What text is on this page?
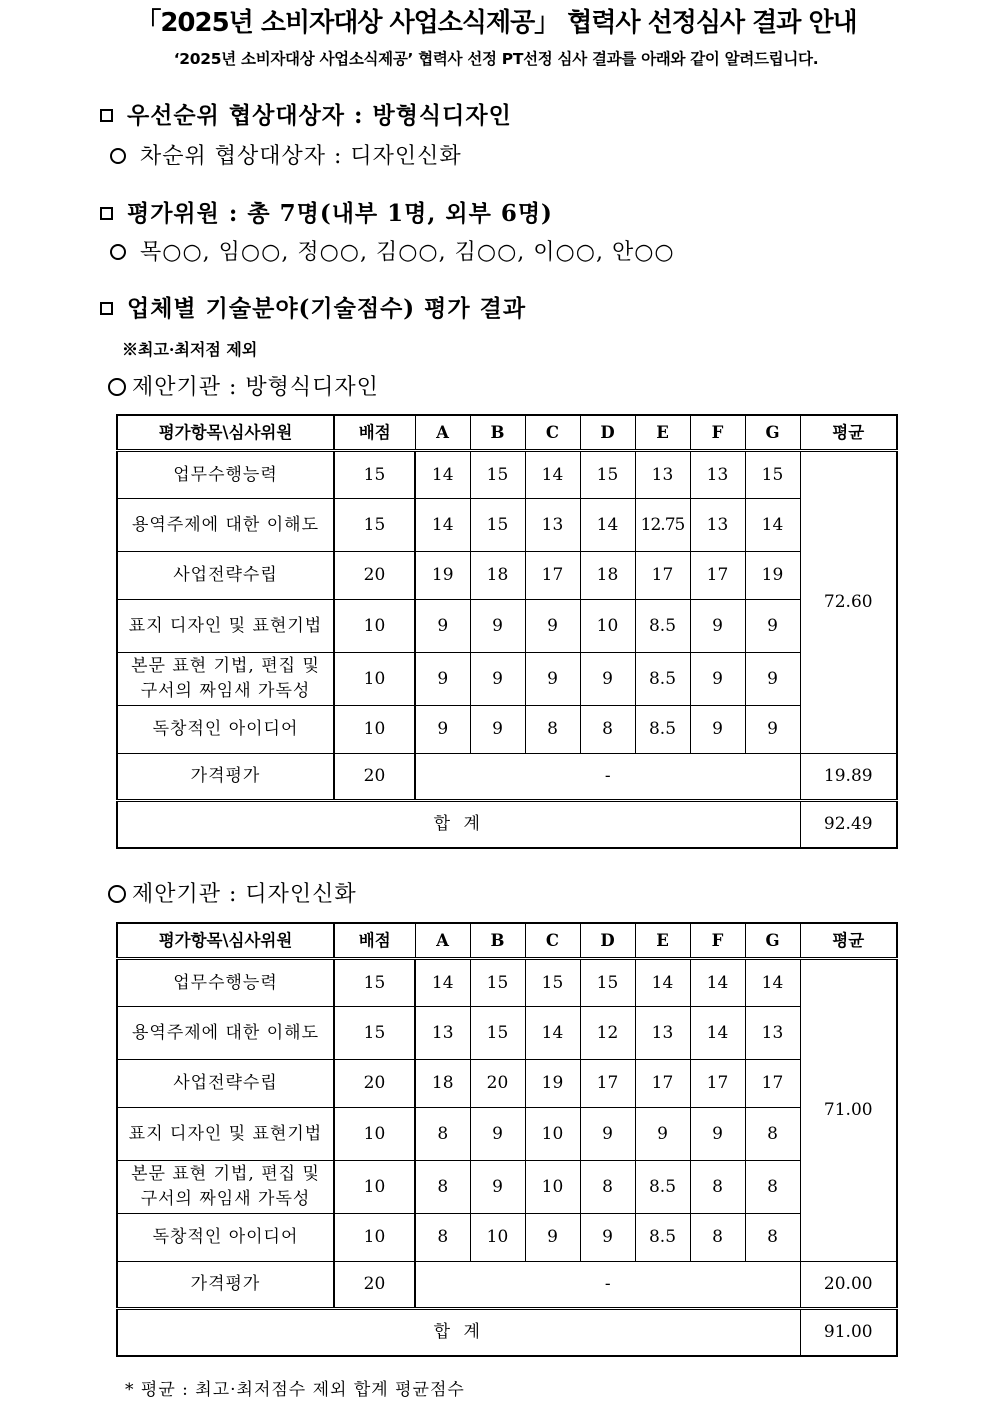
「2025년 소비자대상 사업소식제공」 협력사 선정심사 결과 안내
‘2025년 소비자대상 사업소식제공’ 협력사 선정 PT선정 심사 결과를 아래와 같이 알려드립니다.
우선순위 협상대상자 : 방형식디자인
차순위 협상대상자 : 디자인신화
평가위원 : 총 7명(내부 1명, 외부 6명)
목○○, 임○○, 정○○, 김○○, 김○○, 이○○, 안○○
업체별 기술분야(기술점수) 평가 결과
※최고·최저점 제외
제안기관 : 방형식디자인
평가항목\심사위원	배점	A	B	C	D	E	F	G	평균
업무수행능력	15	14	15	14	15	13	13	15	72.60
용역주제에 대한 이해도	15	14	15	13	14	12.75	13	14	
사업전략수립	20	19	18	17	18	17	17	19	
표지 디자인 및 표현기법	10	9	9	9	10	8.5	9	9	
본문 표현 기법, 편집 및 구서의 짜임새 가독성	10	9	9	9	9	8.5	9	9	
독창적인 아이디어	10	9	9	8	8	8.5	9	9	
가격평가	20	-							19.89
합 계									92.49
제안기관 : 디자인신화
평가항목\심사위원	배점	A	B	C	D	E	F	G	평균
업무수행능력	15	14	15	15	15	14	14	14	71.00
용역주제에 대한 이해도	15	13	15	14	12	13	14	13	
사업전략수립	20	18	20	19	17	17	17	17	
표지 디자인 및 표현기법	10	8	9	10	9	9	9	8	
본문 표현 기법, 편집 및 구서의 짜임새 가독성	10	8	9	10	8	8.5	8	8	
독창적인 아이디어	10	8	10	9	9	8.5	8	8	
가격평가	20	-							20.00
합 계									91.00
* 평균 : 최고·최저점수 제외 합계 평균점수
